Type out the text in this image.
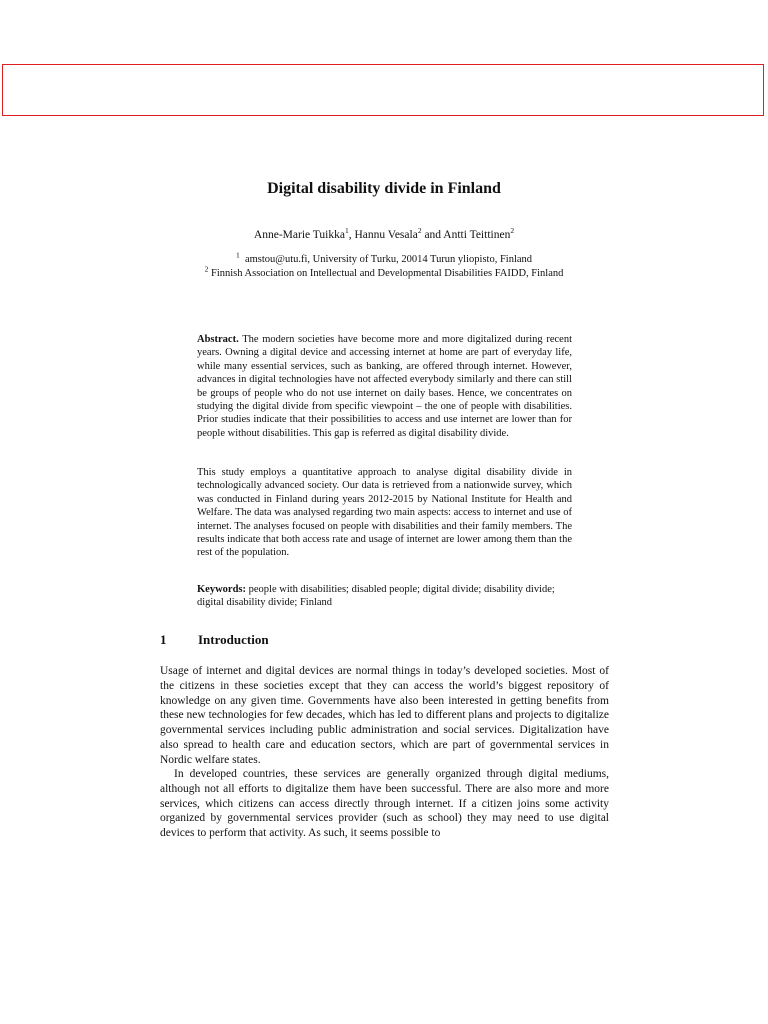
Digital disability divide in Finland
Anne-Marie Tuikka$^1$, Hannu Vesala$^2$ and Antti Teittinen$^2$
$^1$  amstou@utu.fi, University of Turku, 20014 Turun yliopisto, Finland
$^2$ Finnish Association on Intellectual and Developmental Disabilities FAIDD, Finland
Abstract. The modern societies have become more and more digitalized during recent years. Owning a digital device and accessing internet at home are part of everyday life, while many essential services, such as banking, are offered through internet. However, advances in digital technologies have not affected everybody similarly and there can still be groups of people who do not use internet on daily bases. Hence, we concentrates on studying the digital divide from specific viewpoint – the one of people with disabilities. Prior studies indicate that their possibilities to access and use internet are lower than for people without disabilities. This gap is referred as digital disability divide.
This study employs a quantitative approach to analyse digital disability divide in technologically advanced society. Our data is retrieved from a nationwide survey, which was conducted in Finland during years 2012-2015 by National Institute for Health and Welfare. The data was analysed regarding two main aspects: access to internet and use of internet. The analyses focused on people with disabilities and their family members. The results indicate that both access rate and usage of internet are lower among them than the rest of the population.
Keywords: people with disabilities; disabled people; digital divide; disability divide; digital disability divide; Finland
1 Introduction

Usage of internet and digital devices are normal things in today’s developed societies. Most of the citizens in these societies except that they can access the world’s biggest repository of knowledge on any given time. Governments have also been interested in getting benefits from these new technologies for few decades, which has led to different plans and projects to digitalize governmental services including public administration and social services. Digitalization have also spread to health care and education sectors, which are part of governmental services in Nordic welfare states.

In developed countries, these services are generally organized through digital mediums, although not all efforts to digitalize them have been successful. There are also more and more services, which citizens can access directly through internet. If a citizen joins some activity organized by governmental services provider (such as school) they may need to use digital devices to perform that activity. As such, it seems possible to
